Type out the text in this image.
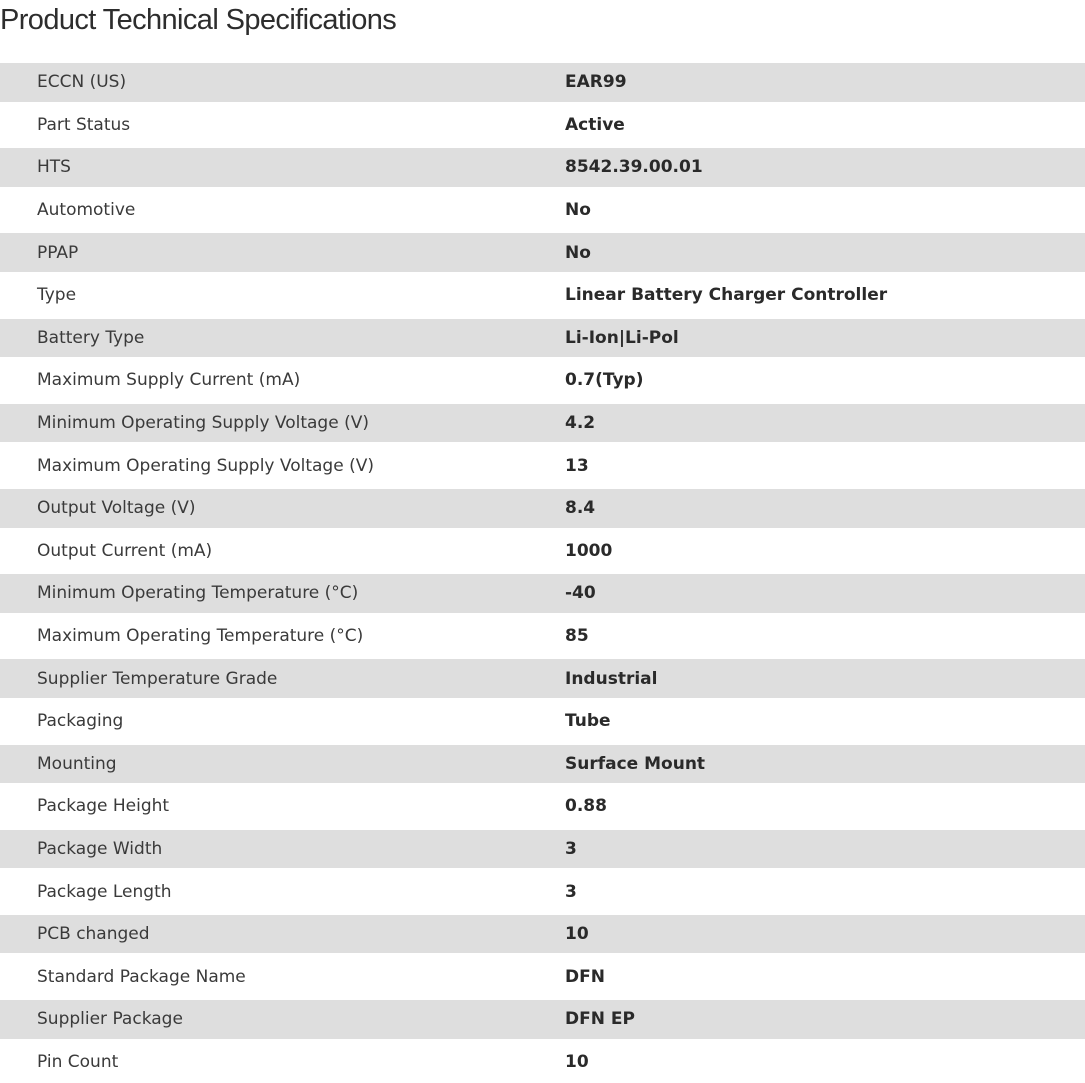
Product Technical Specifications
ECCN (US)	EAR99
Part Status	Active
HTS	8542.39.00.01
Automotive	No
PPAP	No
Type	Linear Battery Charger Controller
Battery Type	Li-Ion|Li-Pol
Maximum Supply Current (mA)	0.7(Typ)
Minimum Operating Supply Voltage (V)	4.2
Maximum Operating Supply Voltage (V)	13
Output Voltage (V)	8.4
Output Current (mA)	1000
Minimum Operating Temperature (°C)	-40
Maximum Operating Temperature (°C)	85
Supplier Temperature Grade	Industrial
Packaging	Tube
Mounting	Surface Mount
Package Height	0.88
Package Width	3
Package Length	3
PCB changed	10
Standard Package Name	DFN
Supplier Package	DFN EP
Pin Count	10
